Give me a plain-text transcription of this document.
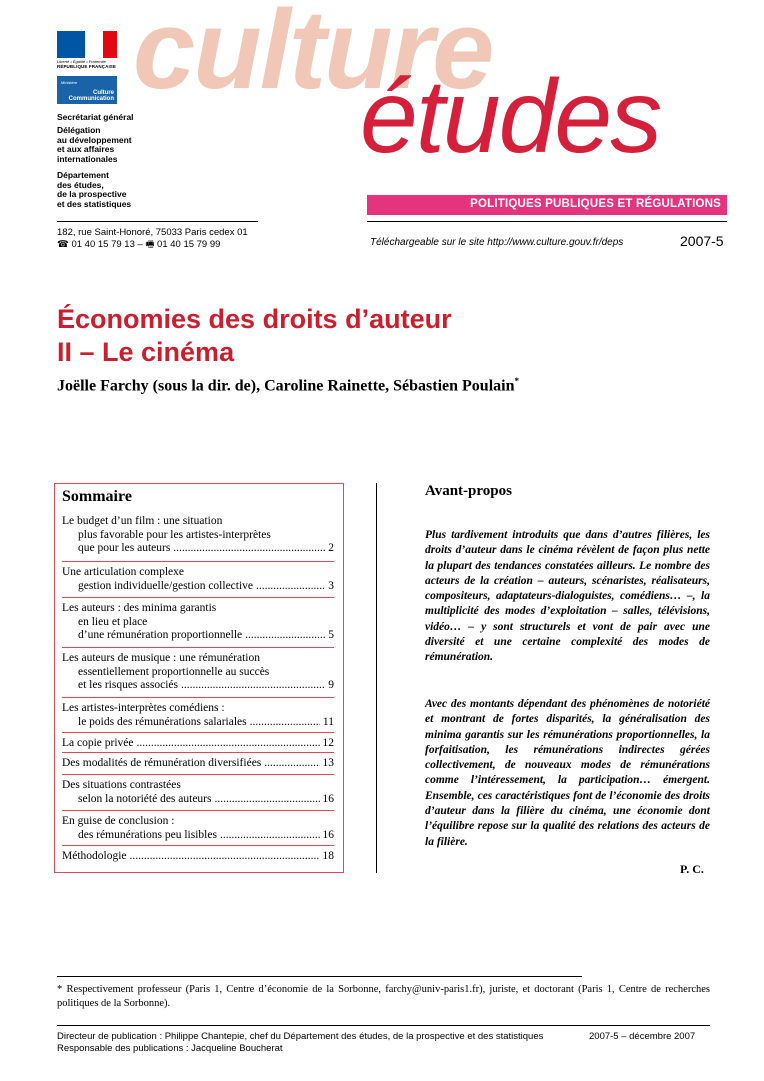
Liberté • Égalité • Fraternité
RÉPUBLIQUE FRANÇAISE
Ministère
Culture Communication
Secrétariat général
Délégation
au développement
et aux affaires
internationales
Département
des études,
de la prospective
et des statistiques
culture
études
POLITIQUES PUBLIQUES ET RÉGULATIONS
182, rue Saint-Honoré, 75033 Paris cedex 01
☎ 01 40 15 79 13 – 🖷 01 40 15 79 99	Téléchargeable sur le site http://www.culture.gouv.fr/deps	2007-5
Économies des droits d’auteur
II – Le cinéma
Joëlle Farchy (sous la dir. de), Caroline Rainette, Sébastien Poulain*
Sommaire
Le budget d’un film : une situation
plus favorable pour les artistes-interprètes
que pour les auteurs .....	2
Une articulation complexe
gestion individuelle/gestion collective .....	3
Les auteurs : des minima garantis
en lieu et place
d’une rémunération proportionnelle .....	5
Les auteurs de musique : une rémunération
essentiellement proportionnelle au succès
et les risques associés .....	9
Les artistes-interprètes comédiens :
le poids des rémunérations salariales .....	11
La copie privée .....	12
Des modalités de rémunération diversifiées .....	13
Des situations contrastées
selon la notoriété des auteurs .....	16
En guise de conclusion :
des rémunérations peu lisibles .....	16
Méthodologie .....	18
Avant-propos
Plus tardivement introduits que dans d’autres filières, les droits d’auteur dans le cinéma révèlent de façon plus nette la plupart des tendances constatées ailleurs. Le nombre des acteurs de la création – auteurs, scénaristes, réalisateurs, compositeurs, adaptateurs-dialoguistes, comédiens… –, la multiplicité des modes d’exploitation – salles, télévisions, vidéo… – y sont structurels et vont de pair avec une diversité et une certaine complexité des modes de rémunération.
Avec des montants dépendant des phénomènes de notoriété et montrant de fortes disparités, la généralisation des minima garantis sur les rémunérations proportionnelles, la forfaitisation, les rémunérations indirectes gérées collectivement, de nouveaux modes de rémunérations comme l’intéressement, la participation… émergent. Ensemble, ces caractéristiques font de l’économie des droits d’auteur dans la filière du cinéma, une économie dont l’équilibre repose sur la qualité des relations des acteurs de la filière.
P. C.
* Respectivement professeur (Paris 1, Centre d’économie de la Sorbonne, farchy@univ-paris1.fr), juriste, et doctorant (Paris 1, Centre de recherches politiques de la Sorbonne).
Directeur de publication : Philippe Chantepie, chef du Département des études, de la prospective et des statistiques
Responsable des publications : Jacqueline Boucherat
2007-5 – décembre 2007
